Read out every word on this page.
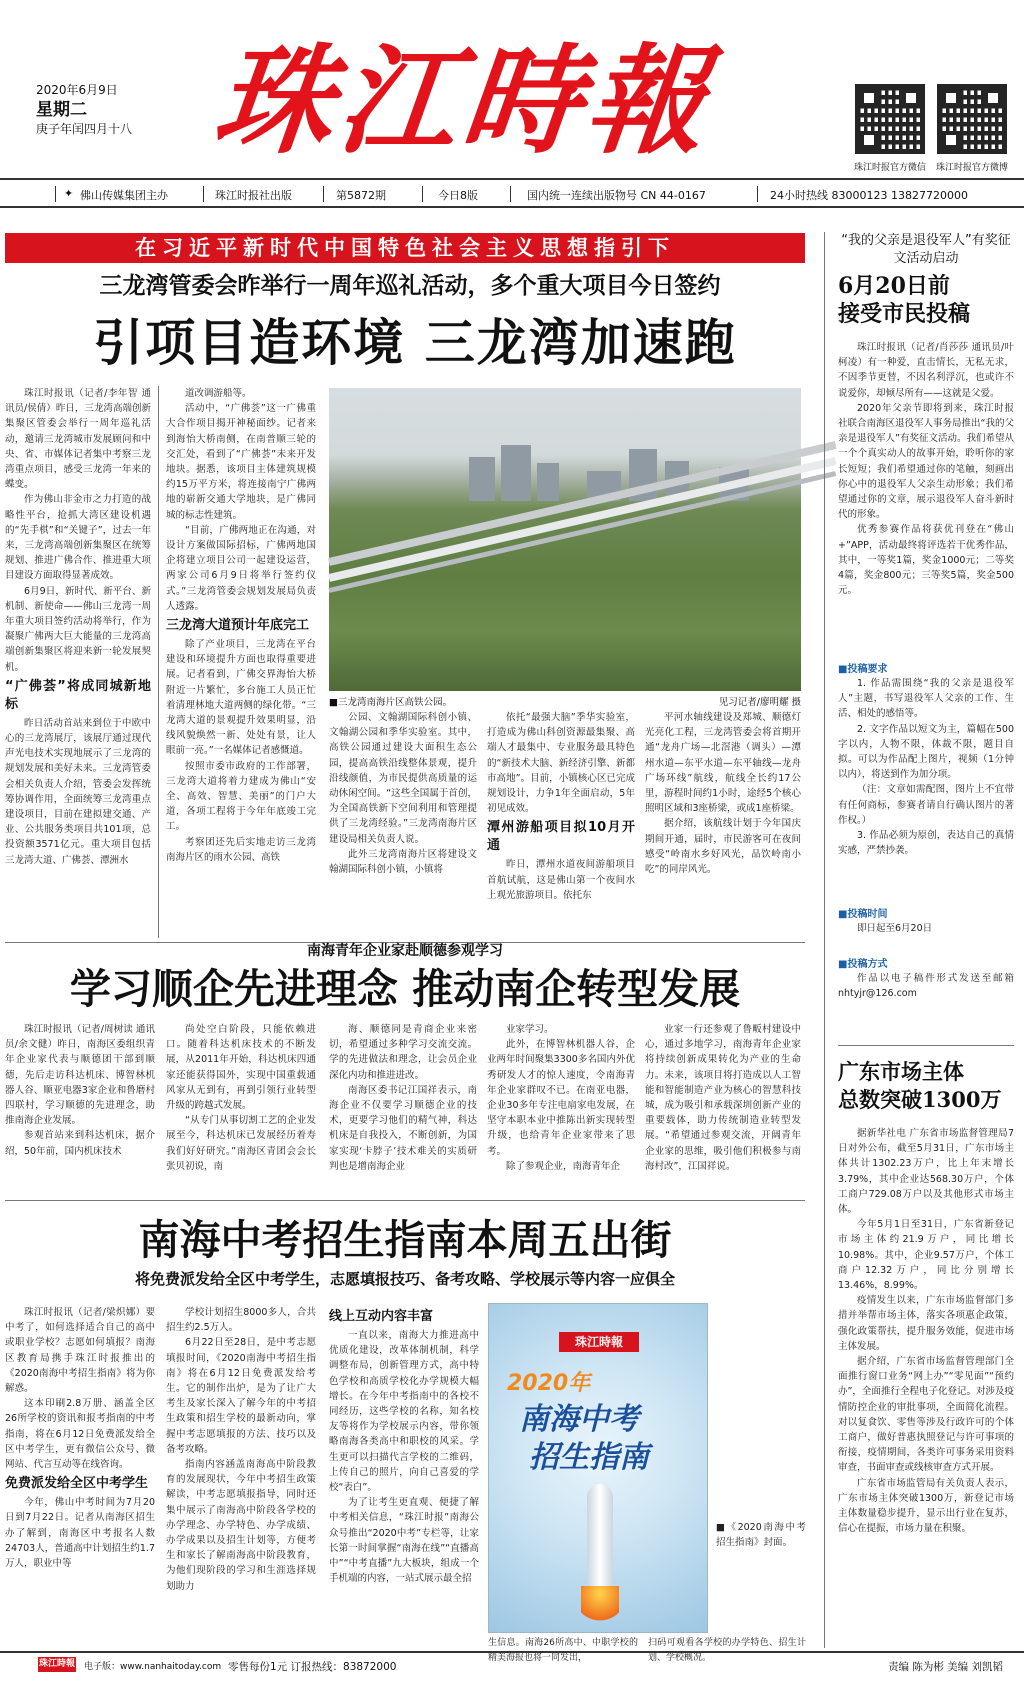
2020年6月9日
星期二
庚子年闰四月十八 珠江時報	珠江时报官方微信	珠江时报官方微博
✦ 佛山传媒集团主办	珠江时报社出版	第5872期	今日8版	国内统一连续出版物号 CN 44-0167	24小时热线 83000123 13827720000
在习近平新时代中国特色社会主义思想指引下
三龙湾管委会昨举行一周年巡礼活动，多个重大项目今日签约
引项目造环境 三龙湾加速跑

珠江时报讯（记者/李年智 通讯员/侯倩）昨日，三龙湾高端创新集聚区管委会举行一周年巡礼活动，邀请三龙湾城市发展顾问和中央、省、市媒体记者集中考察三龙湾重点项目，感受三龙湾一年来的蝶变。

作为佛山非金市之力打造的战略性平台，抢抓大湾区建设机遇的“先手棋”和“关键子”，过去一年来，三龙湾高端创新集聚区在统筹规划、推进广佛合作、推进重大项目建设方面取得显著成效。

6月9日，新时代、新平台、新机制、新使命——佛山三龙湾一周年重大项目签约活动将举行，作为凝聚广佛两大巨大能量的三龙湾高端创新集聚区将迎来新一轮发展契机。

“广佛荟”将成同城新地标

昨日活动首站来到位于中欧中心的三龙湾展厅，该展厅通过现代声光电技术实现地展示了三龙湾的规划发展和美好未来。三龙湾管委会相关负责人介绍，管委会发挥统筹协调作用，全面统筹三龙湾重点建设项目，目前在建拟建交通、产业、公共服务类项目共101项，总投资额3571亿元。重大项目包括三龙湾大道、广佛荟、潭洲水

道改调游船等。

活动中，“广佛荟”这一广佛重大合作项目揭开神秘面纱。记者来到海怡大桥南侧，在南普顺三轮的交汇处，看到了“广佛荟”未来开发地块。据悉，该项目主体建筑规模约15万平方米，将连接南宁广佛两地的崭新交通大学地块，是广佛同城的标志性建筑。

“目前，广佛两地正在沟通，对设计方案做国际招标，广佛两地国企将建立项目公司一起建设运营，两家公司6月9日将举行签约仪式。”三龙湾管委会规划发展局负责人透露。

三龙湾大道预计年底完工

除了产业项目，三龙湾在平台建设和环境提升方面也取得重要进展。记者看到，广佛交界海怡大桥附近一片繁忙，多台施工人员正忙着清理林地大道两侧的绿化带。“三龙湾大道的景观提升效果明显，沿线风貌焕然一新、处处有景，让人眼前一亮。”一名媒体记者感慨道。

按照市委市政府的工作部署，三龙湾大道将着力建成为佛山“安全、高效、智慧、美丽”的门户大道，各项工程将于今年年底竣工完工。

考察团还先后实地走访三龙湾南海片区的雨水公园、高铁

■三龙湾南海片区高铁公园。	见习记者/廖明耀 摄

公园、文翰湖国际科创小镇、文翰湖公园和季华实验室。其中，高铁公园通过建设大面积生态公园，提高高铁沿线整体景观，提升沿线颜值，为市民提供高质量的运动休闲空间。“这些全国属于首创，为全国高铁新下空间利用和管理提供了三龙湾经验。”三龙湾南海片区建设局相关负责人说。

此外三龙湾南海片区将建设文翰湖国际科创小镇，小镇将

依托“最强大脑”季华实验室，打造成为佛山科创资源最集聚、高端人才最集中、专业服务最具特色的“新技术大脑、新经济引擎、新都市高地”。目前，小镇核心区已完成规划设计，力争1年全面启动，5年初见成效。

潭州游船项目拟10月开通

昨日，潭州水道夜间游船项目首航试航，这是佛山第一个夜间水上观光旅游项目。依托东

平河水轴线建设及郑城、顺德灯光亮化工程，三龙湾管委会将首期开通“龙舟广场—北滘港（调头）—潭州水道—东平水道—东平轴线—龙舟广场环线”航线，航线全长约17公里，游程时间约1小时，途经5个核心照明区域和3座桥梁，或成1座桥梁。

据介绍，该航线计划于今年国庆期间开通，届时，市民游客可在夜间感受“岭南水乡好风光，品饮岭南小吃”的同岸风光。

南海青年企业家赴顺德参观学习
学习顺企先进理念 推动南企转型发展

珠江时报讯（记者/周树读 通讯员/余文健）昨日，南海区委组织青年企业家代表与顺德团干部到顺德，先后走访科达机床、博智林机器人谷、顺亚电器3家企业和鲁磨村四联村，学习顺德的先进理念，助推南海企业发展。

参观首站来到科达机床，据介绍，50年前，国内机床技术

尚处空白阶段，只能依赖进口。随着科达机床技术的不断发展，从2011年开始，科达机床四通家还能获得国外，实现中国重载通风家从无到有，再到引领行业转型升级的跨越式发展。

“从专门从事切割工艺的企业发展至今，科达机床已发展经历着寿我们好好研究。”南海区青团会会长张贝初说，南

海、顺德同是青商企业来密切，希望通过多种学习交流交流。学的先进做法和理念，让会员企业深化内功和推进进改。

南海区委书记江国祥表示，南海企业不仅要学习顺德企业的技术，更要学习他们的精气神，科达机床是自我投入，不断创新，为国家实现‘卡脖子’技术难关的实质研判也是增南海企业

业家学习。

此外，在博智林机器人谷，企业两年时间聚集3300多名国内外优秀研发人才的惊人速度，令南海青年企业家群叹不已。在南亚电器，企业30多年专注电扇家电发展，在坚守本职本业中推陈出新实现转型升级，也给青年企业家带来了思考。

除了参观企业，南海青年企

业家一行还参观了鲁畈村建设中心，通过多地学习，南海青年企业家将持续创新成果转化为产业的生命力。未来，该项目将打造成以人工智能和智能制造产业为核心的智慧科技城，成为吸引和承载深圳创新产业的重要载体，助力传统制造业转型发展。“希望通过参观交流，开阔青年企业家的思维，吸引他们积极参与南海村改”，江国祥说。

南海中考招生指南本周五出街
将免费派发给全区中考学生，志愿填报技巧、备考攻略、学校展示等内容一应俱全

珠江时报讯（记者/梁炽娜）要中考了，如何选择适合自己的高中或职业学校？志愿如何填报？南海区教育局携手珠江时报推出的《2020南海中考招生指南》将为你解惑。

这本印刷2.8万册、涵盖全区26所学校的资讯和报考指南的中考指南，将在6月12日免费派发给全区中考学生，更有微信公众号、微网站、代言互动等在线咨询。

免费派发给全区中考学生

今年，佛山中考时间为7月20日到7月22日。记者从南海区招生办了解到，南海区中考报名人数24703人，普通高中计划招生约1.7万人，职业中等

学校计划招生8000多人，合共招生约2.5万人。

6月22日至28日，是中考志愿填报时间，《2020南海中考招生指南》将在6月12日免费派发给考生。它的制作出炉，是为了让广大考生及家长深入了解今年的中考招生政策和招生学校的最新动向，掌握中考志愿填报的方法、技巧以及备考攻略。

指南内容涵盖南海高中阶段教育的发展现状，今年中考招生政策解读，中考志愿填报指导，同时还集中展示了南海高中阶段各学校的办学理念、办学特色、办学成绩、办学成果以及招生计划等，方便考生和家长了解南海高中阶段教育，为他们现阶段的学习和生涯选择规划助力

线上互动内容丰富

一直以来，南海大力推进高中优质化建设，改革体制机制，科学调整布局，创新管理方式，高中特色学校和高质学校化办学规模大幅增长。在今年中考指南中的各校不同经历，这些学校的名称，知名校友等将作为学校展示内容，带你领略南海各类高中和职校的风采。学生更可以扫描代言学校的二维码，上传自己的照片，向自己喜爱的学校“表白”。

为了让考生更直观、便捷了解中考相关信息，“珠江时报”南海公众号推出“2020中考”专栏等，让家长第一时间掌握“南海在线”“直播高中”“中考直播”九大板块，组成一个手机端的内容，一站式展示最全招

珠江時報
2020年
南海中考
招生指南
■《2020南海中考招生指南》封面。
生信息。南海26所高中、中职学校的精美海报也将一同发出，
扫码可观看各学校的办学特色、招生计划、学校概况。
“我的父亲是退役军人”有奖征文活动启动
6月20日前
接受市民投稿

珠江时报讯（记者/肖莎莎 通讯员/叶柯凌）有一种爱，直击情长，无私无求，不因季节更替，不因名利浮沉，也或许不说爱你，却倾尽所有——这就是父爱。

2020年父亲节即将到来，珠江时报社联合南海区退役军人事务局推出“我的父亲是退役军人”有奖征文活动。我们希望从一个个真实动人的故事开始，聆听你的家长短短；我们希望通过你的笔触，刻画出你心中的退役军人父亲生动形象；我们希望通过你的文章，展示退役军人奋斗新时代的形象。

优秀参赛作品将获优刊登在“佛山+”APP，活动最终将评选若干优秀作品，其中，一等奖1篇，奖金1000元；二等奖4篇，奖金800元；三等奖5篇，奖金500元。

■投稿要求

1. 作品需围绕“我的父亲是退役军人”主题，书写退役军人父亲的工作、生活、相处的感悟等。

2. 文字作品以短文为主，篇幅在500字以内，人物不限，体裁不限，题目自拟。可以为作品配上图片，视频（1分钟以内），将送到作为加分项。

（注：文章如需配图，图片上不宜带有任何商标，参赛者请自行确认图片的著作权。）

3. 作品必须为原创，表达自己的真情实感，严禁抄袭。

■投稿时间
即日起至6月20日
■投稿方式
作品以电子稿件形式发送至邮箱nhtyjr@126.com
广东市场主体
总数突破1300万

据新华社电 广东省市场监督管理局7日对外公布，截至5月31日，广东市场主体共计1302.23万户，比上年末增长3.79%，其中企业达568.30万户，个体工商户729.08万户以及其他形式市场主体。

今年5月1日至31日，广东省新登记市场主体约21.9万户，同比增长10.98%。其中，企业9.57万户，个体工商户12.32万户，同比分别增长13.46%，8.99%。

疫情发生以来，广东市场监督部门多措并举帮市场主体，落实各项惠企政策，强化政策帮扶，提升服务效能，促进市场主体发展。

据介绍，广东省市场监督管理部门全面推行窗口业务“网上办”“零见面”“预约办”，全面推行全程电子化登记。对涉及疫情防控企业的审批事项，全面简化流程。对以复食饮、零售等涉及行政许可的个体工商户，做好普惠执照登记与许可事项的衔接，疫情期间，各类许可事务采用资料审查，书面审查或线核审查方式开展。

广东省市场监管局有关负责人表示，广东市场主体突破1300万，新登记市场主体数量稳步提升，显示出行业在复苏，信心在提振，市场力量在积聚。

珠江時報 电子版：www.nanhaitoday.com 零售每份1元 订报热线：83872000	责编 陈为彬 美编 刘凯韬
